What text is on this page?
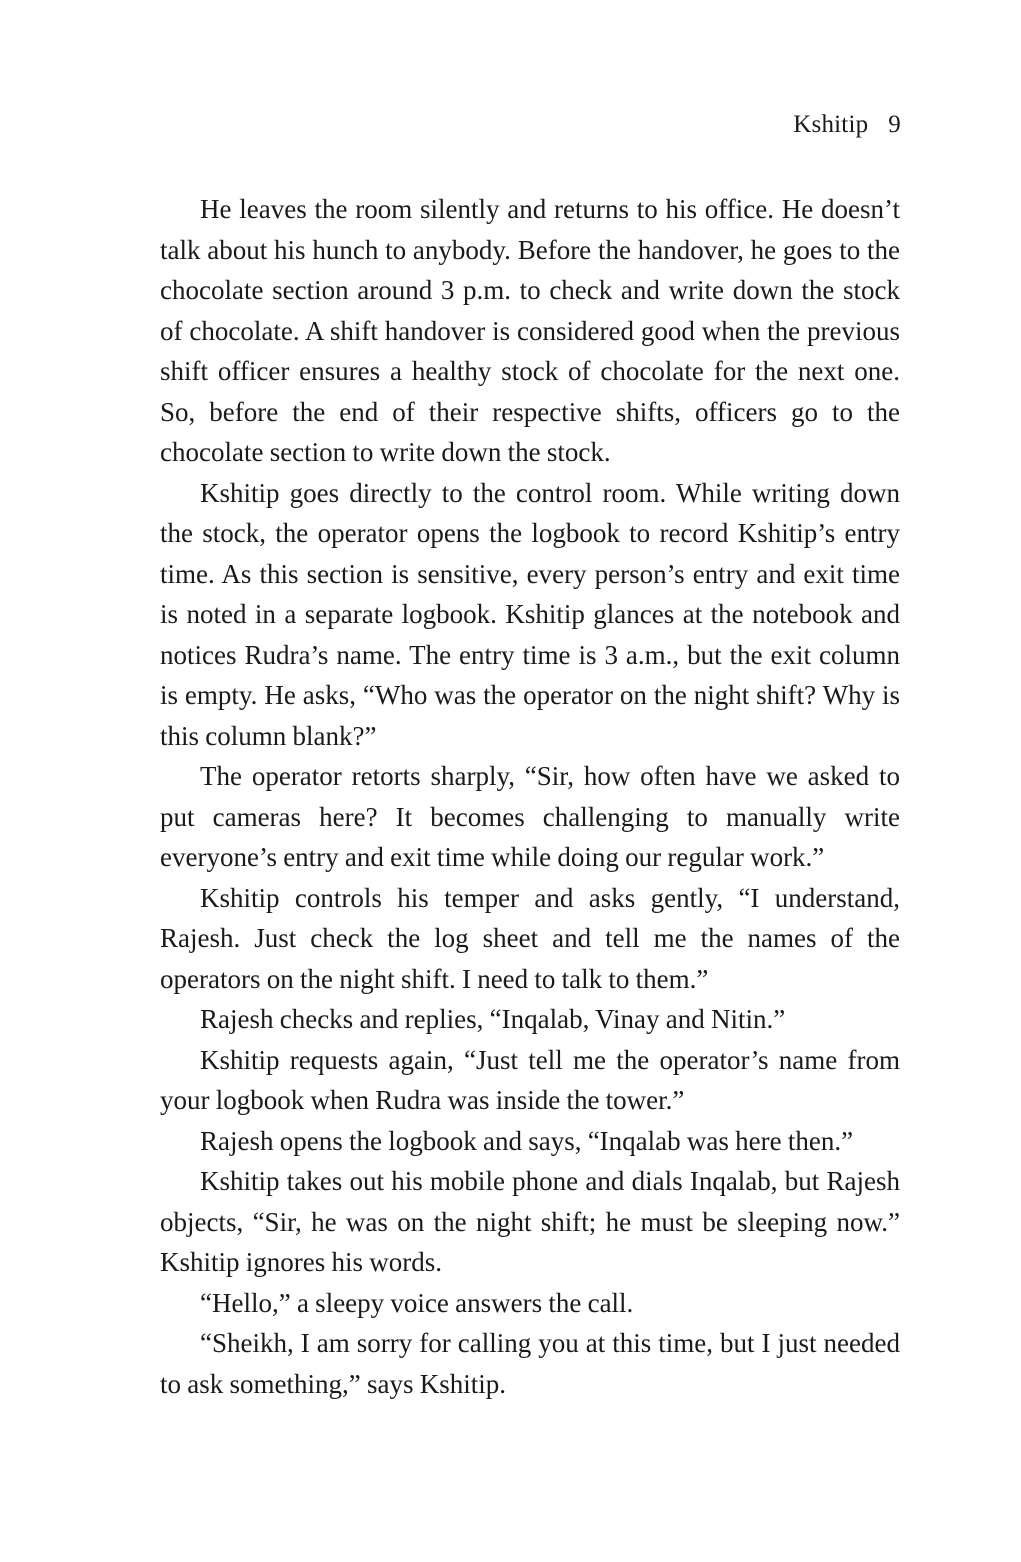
Kshitip 9

He leaves the room silently and returns to his office. He doesn’t talk about his hunch to anybody. Before the handover, he goes to the chocolate section around 3 p.m. to check and write down the stock of chocolate. A shift handover is considered good when the previous shift officer ensures a healthy stock of chocolate for the next one. So, before the end of their respective shifts, officers go to the chocolate section to write down the stock.

Kshitip goes directly to the control room. While writing down the stock, the operator opens the logbook to record Kshitip’s entry time. As this section is sensitive, every person’s entry and exit time is noted in a separate logbook. Kshitip glances at the notebook and notices Rudra’s name. The entry time is 3 a.m., but the exit column is empty. He asks, “Who was the operator on the night shift? Why is this column blank?”

The operator retorts sharply, “Sir, how often have we asked to put cameras here? It becomes challenging to manually write everyone’s entry and exit time while doing our regular work.”

Kshitip controls his temper and asks gently, “I understand, Rajesh. Just check the log sheet and tell me the names of the operators on the night shift. I need to talk to them.”

Rajesh checks and replies, “Inqalab, Vinay and Nitin.”

Kshitip requests again, “Just tell me the operator’s name from your logbook when Rudra was inside the tower.”

Rajesh opens the logbook and says, “Inqalab was here then.”

Kshitip takes out his mobile phone and dials Inqalab, but Rajesh objects, “Sir, he was on the night shift; he must be sleeping now.” Kshitip ignores his words.

“Hello,” a sleepy voice answers the call.

“Sheikh, I am sorry for calling you at this time, but I just needed to ask something,” says Kshitip.
